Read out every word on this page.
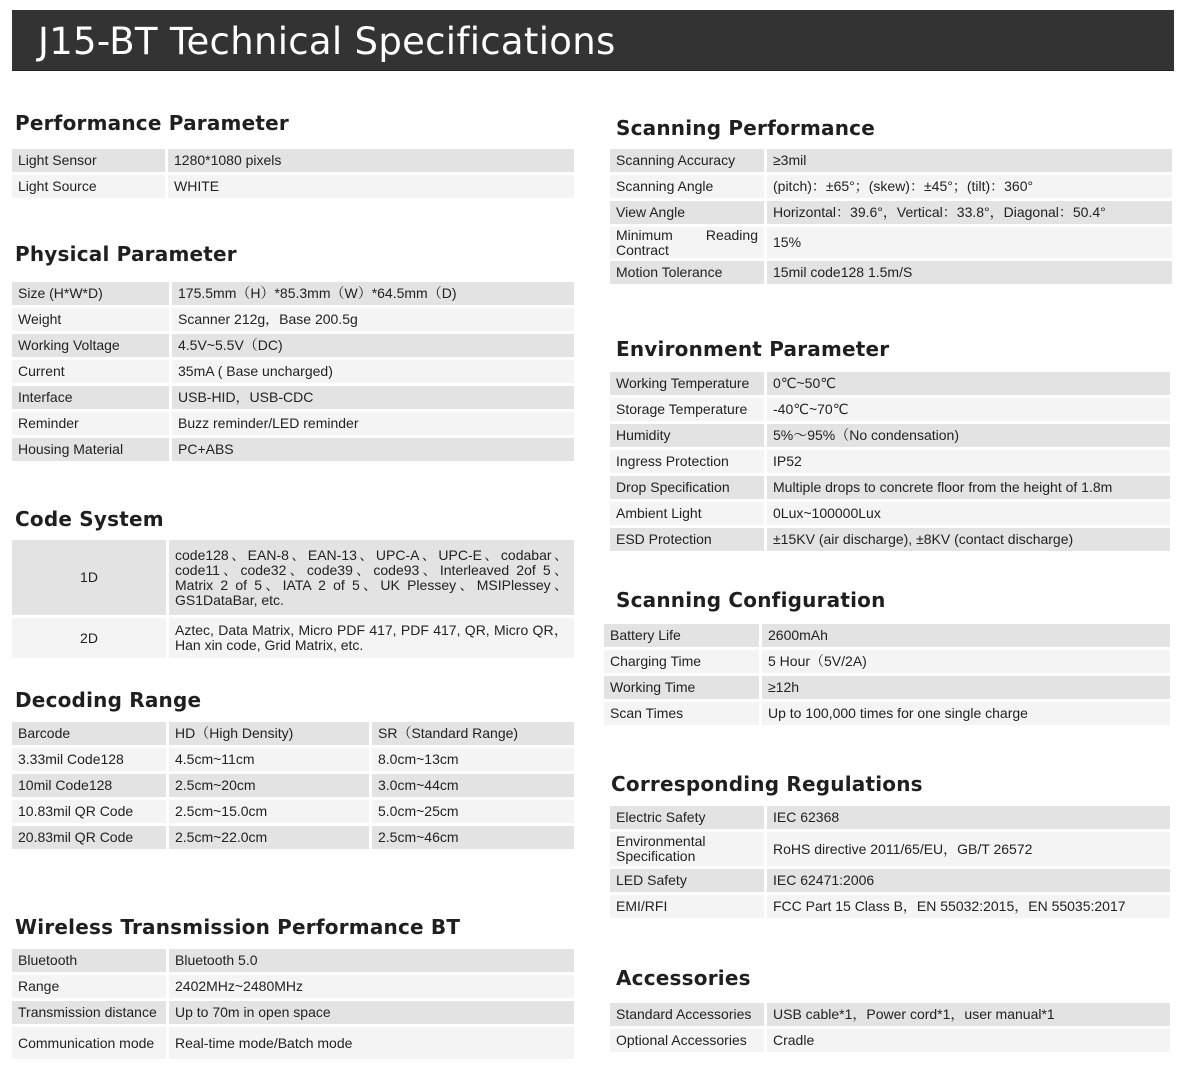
J15-BT Technical Specifications
Performance Parameter
Light Sensor	1280*1080 pixels
Light Source	WHITE
Physical Parameter
Size (H*W*D)	175.5mm（H）*85.3mm（W）*64.5mm（D)
Weight	Scanner 212g，Base 200.5g
Working Voltage	4.5V~5.5V（DC)
Current	35mA ( Base uncharged)
Interface	USB-HID，USB-CDC
Reminder	Buzz reminder/LED reminder
Housing Material	PC+ABS
Code System
1D	code128、EAN-8、EAN-13、UPC-A、UPC-E、codabar、code11、code32、code39、code93、Interleaved 2of 5、Matrix 2 of 5、IATA 2 of 5、UK Plessey、MSIPlessey、GS1DataBar, etc.
2D	Aztec, Data Matrix, Micro PDF 417, PDF 417, QR, Micro QR，Han xin code, Grid Matrix, etc.
Decoding Range
Barcode	HD（High Density)	SR（Standard Range)
3.33mil Code128	4.5cm~11cm	8.0cm~13cm
10mil Code128	2.5cm~20cm	3.0cm~44cm
10.83mil QR Code	2.5cm~15.0cm	5.0cm~25cm
20.83mil QR Code	2.5cm~22.0cm	2.5cm~46cm
Wireless Transmission Performance BT
Bluetooth	Bluetooth 5.0
Range	2402MHz~2480MHz
Transmission distance	Up to 70m in open space
Communication mode	Real-time mode/Batch mode
Scanning Performance
Scanning Accuracy	≥3mil
Scanning Angle	(pitch)：±65°；(skew)：±45°；(tilt)：360°
View Angle	Horizontal：39.6°，Vertical：33.8°，Diagonal：50.4°
Minimum Reading Contract	15%
Motion Tolerance	15mil code128 1.5m/S
Environment Parameter
Working Temperature	0℃~50℃
Storage Temperature	-40℃~70℃
Humidity	5%～95%（No condensation)
Ingress Protection	IP52
Drop Specification	Multiple drops to concrete floor from the height of 1.8m
Ambient Light	0Lux~100000Lux
ESD Protection	±15KV (air discharge), ±8KV (contact discharge)
Scanning Configuration
Battery Life	2600mAh
Charging Time	5 Hour（5V/2A)
Working Time	≥12h
Scan Times	Up to 100,000 times for one single charge
Corresponding Regulations
Electric Safety	IEC 62368
Environmental Specification	RoHS directive 2011/65/EU，GB/T 26572
LED Safety	IEC 62471:2006
EMI/RFI	FCC Part 15 Class B，EN 55032:2015，EN 55035:2017
Accessories
Standard Accessories	USB cable*1，Power cord*1，user manual*1
Optional Accessories	Cradle
